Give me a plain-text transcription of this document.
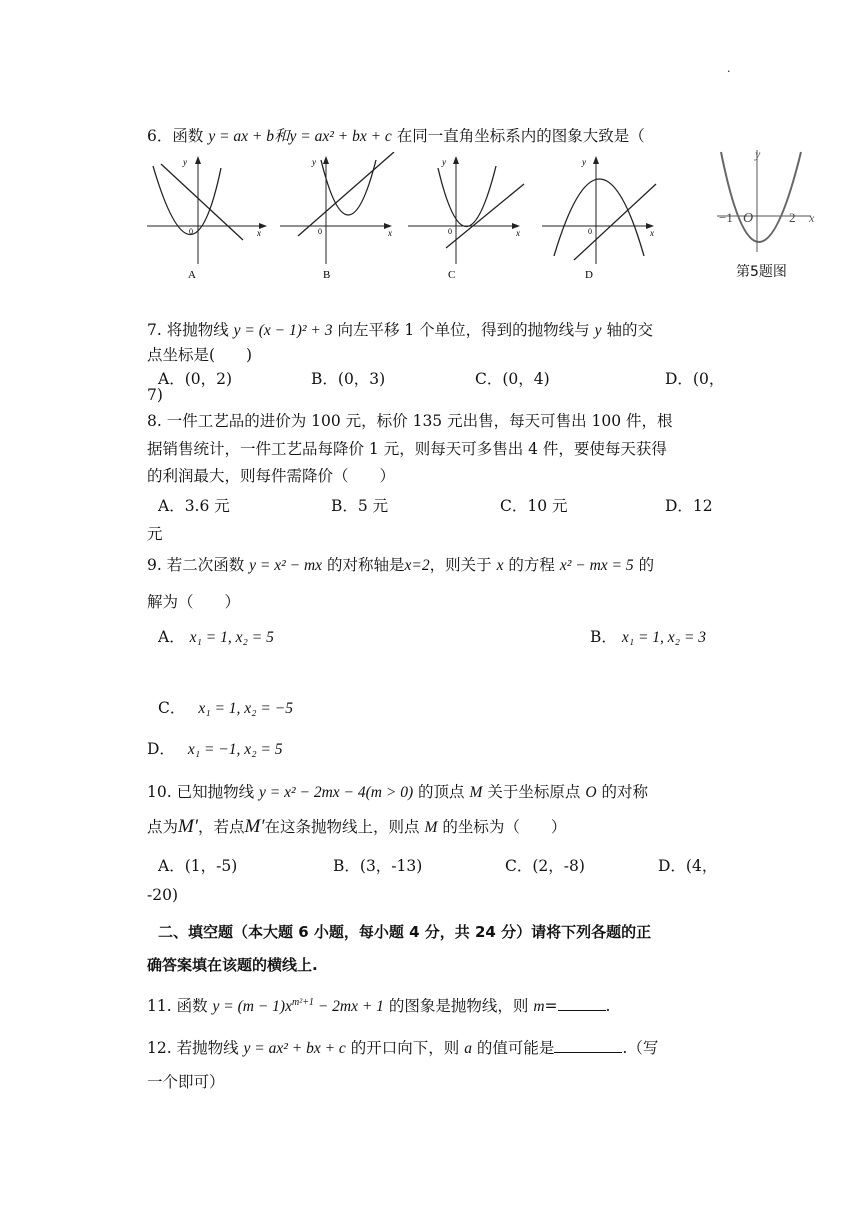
.
6．函数 y = ax + b和y = ax² + bx + c 在同一直角坐标系内的图象大致是（
y
x
0
A
y
x
0
B
y
x
0
C
y
x
0
D
y
x
−1 O	2
第5题图
7. 将抛物线 y = (x − 1)² + 3 向左平移 1 个单位，得到的抛物线与 y 轴的交
点坐标是(　　)
A．(0，2)	B．(0，3)	C．(0，4)	D．(0，
7)
8. 一件工艺品的进价为 100 元，标价 135 元出售，每天可售出 100 件，根
据销售统计，一件工艺品每降价 1 元，则每天可多售出 4 件，要使每天获得
的利润最大，则每件需降价（　　）
A．3.6 元	B．5 元	C．10 元	D．12
元
9. 若二次函数 y = x² − mx 的对称轴是x=2，则关于 x 的方程 x² − mx = 5 的
解为（　　）
A． x₁ = 1, x₂ = 5	B． x₁ = 1, x₂ = 3
C． x₁ = 1, x₂ = −5
D． x₁ = −1, x₂ = 5
10. 已知抛物线 y = x² − 2mx − 4(m > 0) 的顶点 M 关于坐标原点 O 的对称
点为M′，若点M′在这条抛物线上，则点 M 的坐标为（　　）
A．(1，-5)	B．(3，-13)	C．(2，-8)	D．(4，
-20)
二、填空题（本大题 6 小题，每小题 4 分，共 24 分）请将下列各题的正
确答案填在该题的横线上.
11. 函数 $y = (m - 1)x^{m^2+1} - 2mx + 1$ 的图象是抛物线，则 m=	.
12. 若抛物线 y = ax² + bx + c 的开口向下，则 a 的值可能是	.（写
一个即可）
